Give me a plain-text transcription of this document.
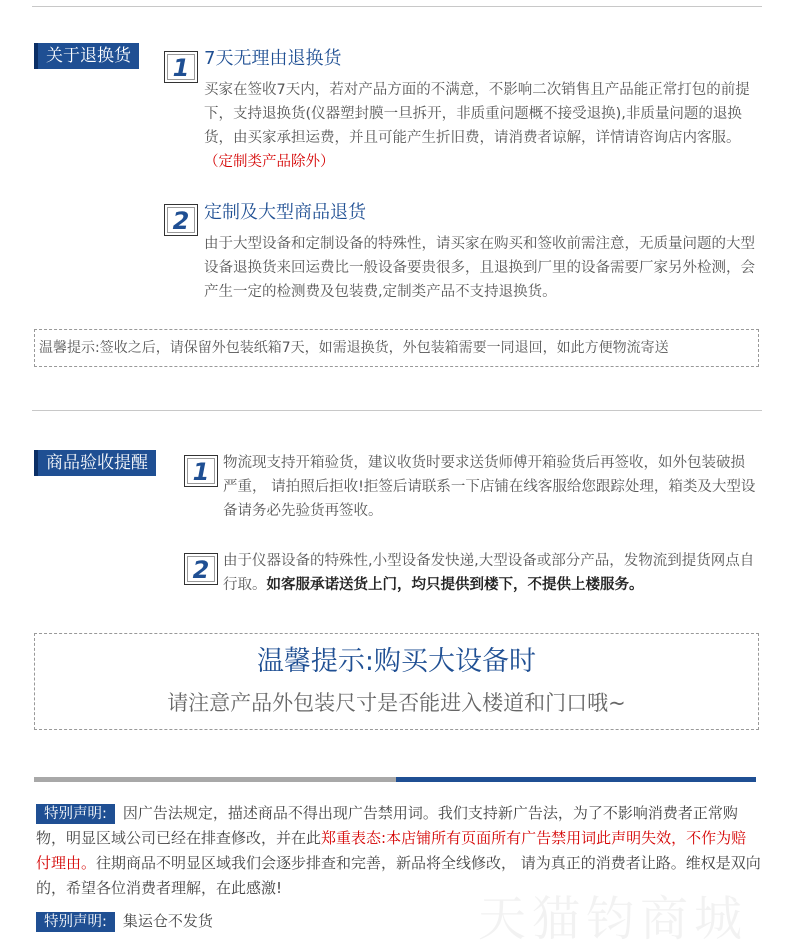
关于退换货	1 7天无理由退换货
买家在签收7天内，若对产品方面的不满意，不影响二次销售且产品能正常打包的前提下，支持退换货(仪器塑封膜一旦拆开，非质重问题概不接受退换),非质量问题的退换货，由买家承担运费，并且可能产生折旧费，请消费者谅解，详情请咨询店内客服。（定制类产品除外）
2 定制及大型商品退货
由于大型设备和定制设备的特殊性，请买家在购买和签收前需注意，无质量问题的大型设备退换货来回运费比一般设备要贵很多，且退换到厂里的设备需要厂家另外检测，会产生一定的检测费及包装费,定制类产品不支持退换货。
温馨提示:签收之后，请保留外包装纸箱7天，如需退换货，外包装箱需要一同退回，如此方便物流寄送
商品验收提醒	1 物流现支持开箱验货，建议收货时要求送货师傅开箱验货后再签收，如外包装破损严重， 请拍照后拒收!拒签后请联系一下店铺在线客服给您跟踪处理，箱类及大型设备请务必先验货再签收。
2 由于仪器设备的特殊性,小型设备发快递,大型设备或部分产品，发物流到提货网点自行取。如客服承诺送货上门，均只提供到楼下，不提供上楼服务。
温馨提示:购买大设备时
请注意产品外包装尺寸是否能进入楼道和门口哦~
特别声明: 因广告法规定，描述商品不得出现广告禁用词。我们支持新广告法，为了不影响消费者正常购物，明显区域公司已经在排查修改，并在此郑重表态:本店铺所有页面所有广告禁用词此声明失效，不作为赔付理由。往期商品不明显区域我们会逐步排查和完善，新品将全线修改， 请为真正的消费者让路。维权是双向的，希望各位消费者理解，在此感激!
特别声明: 集运仓不发货	天猫钧商城
